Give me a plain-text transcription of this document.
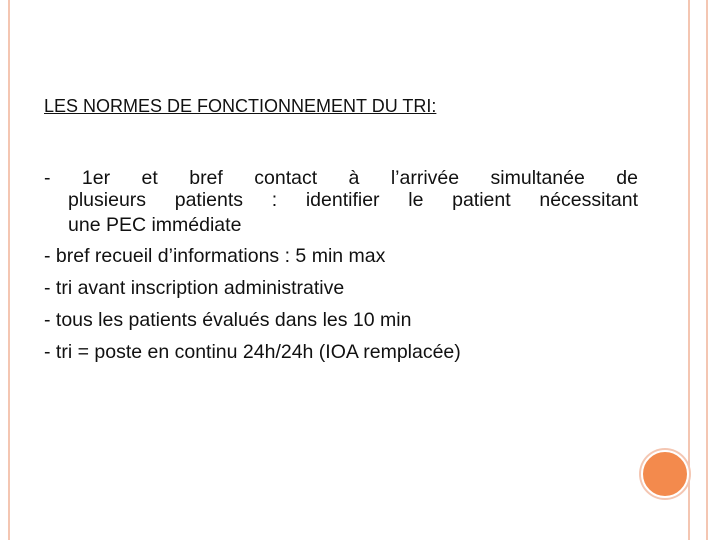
LES NORMES DE FONCTIONNEMENT DU TRI:
- 1er et bref contact à l’arrivée simultanée de
plusieurs patients : identifier le patient nécessitant
une PEC immédiate
- bref recueil d’informations : 5 min max
- tri avant inscription administrative
- tous les patients évalués dans les 10 min
- tri = poste en continu 24h/24h (IOA remplacée)
